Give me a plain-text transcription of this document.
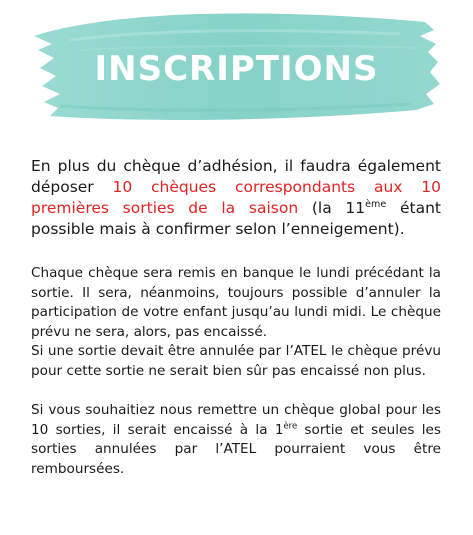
INSCRIPTIONS

En plus du chèque d’adhésion, il faudra également déposer 10 chèques correspondants aux 10 premières sorties de la saison (la 11ème étant possible mais à confirmer selon l’enneigement).

Chaque chèque sera remis en banque le lundi précédant la sortie. Il sera, néanmoins, toujours possible d’annuler la participation de votre enfant jusqu’au lundi midi. Le chèque prévu ne sera, alors, pas encaissé.
Si une sortie devait être annulée par l’ATEL le chèque prévu pour cette sortie ne serait bien sûr pas encaissé non plus.

Si vous souhaitiez nous remettre un chèque global pour les 10 sorties, il serait encaissé à la 1ère sortie et seules les sorties annulées par l’ATEL pourraient vous être remboursées.
